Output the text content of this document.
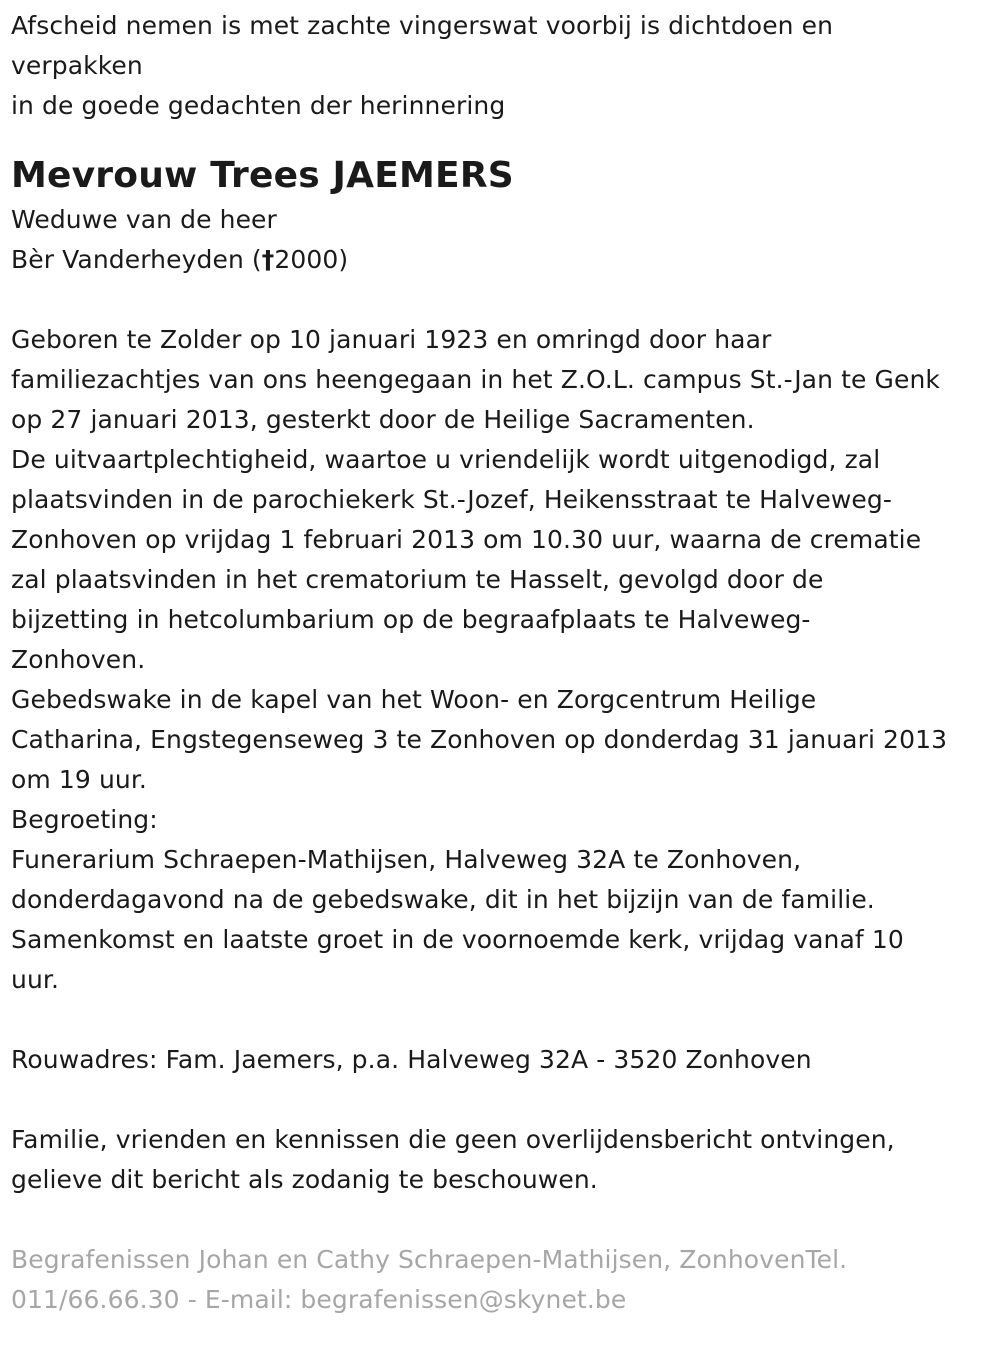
Afscheid nemen is met zachte vingerswat voorbij is dichtdoen en
verpakken
in de goede gedachten der herinnering
Mevrouw Trees JAEMERS
Weduwe van de heer
Bèr Vanderheyden (†2000)
Geboren te Zolder op 10 januari 1923 en omringd door haar
familiezachtjes van ons heengegaan in het Z.O.L. campus St.-Jan te Genk
op 27 januari 2013, gesterkt door de Heilige Sacramenten.
De uitvaartplechtigheid, waartoe u vriendelijk wordt uitgenodigd, zal
plaatsvinden in de parochiekerk St.-Jozef, Heikensstraat te Halveweg-
Zonhoven op vrijdag 1 februari 2013 om 10.30 uur, waarna de crematie
zal plaatsvinden in het crematorium te Hasselt, gevolgd door de
bijzetting in hetcolumbarium op de begraafplaats te Halveweg-
Zonhoven.
Gebedswake in de kapel van het Woon- en Zorgcentrum Heilige
Catharina, Engstegenseweg 3 te Zonhoven op donderdag 31 januari 2013
om 19 uur.
Begroeting:
Funerarium Schraepen-Mathijsen, Halveweg 32A te Zonhoven,
donderdagavond na de gebedswake, dit in het bijzijn van de familie.
Samenkomst en laatste groet in de voornoemde kerk, vrijdag vanaf 10
uur.
Rouwadres: Fam. Jaemers, p.a. Halveweg 32A - 3520 Zonhoven
Familie, vrienden en kennissen die geen overlijdensbericht ontvingen,
gelieve dit bericht als zodanig te beschouwen.
Begrafenissen Johan en Cathy Schraepen-Mathijsen, ZonhovenTel.
011/66.66.30 - E-mail: begrafenissen@skynet.be
